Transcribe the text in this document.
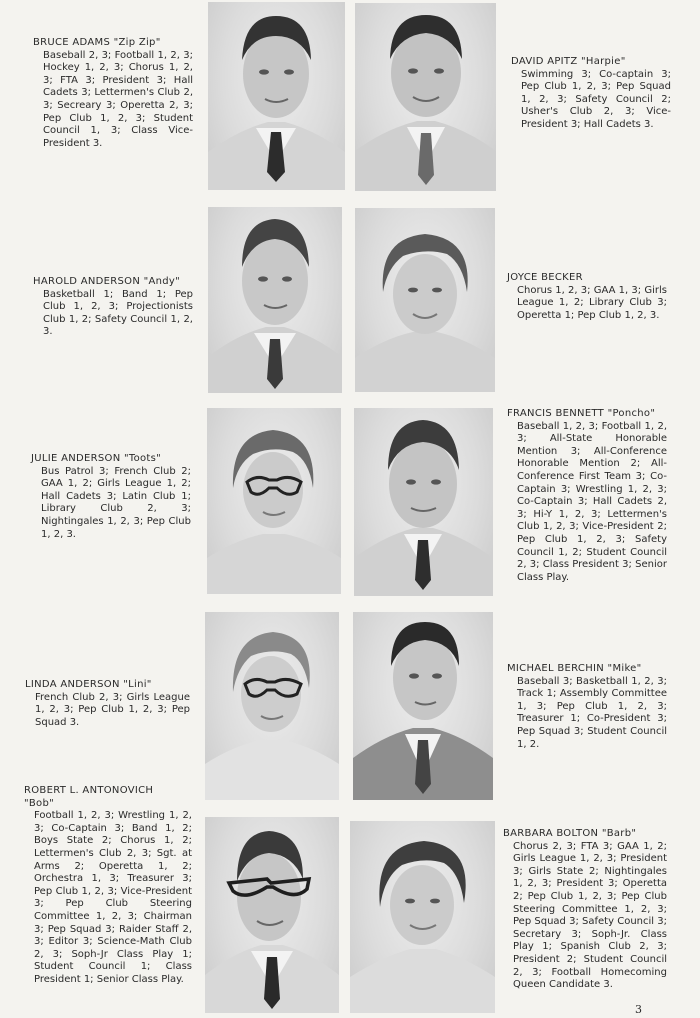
BRUCE ADAMS "Zip Zip"
Baseball 2, 3; Football 1, 2, 3; Hockey 1, 2, 3; Chorus 1, 2, 3; FTA 3; President 3; Hall Cadets 3; Lettermen's Club 2, 3; Secreary 3; Operetta 2, 3; Pep Club 1, 2, 3; Student Council 1, 3; Class Vice-President 3.
DAVID APITZ "Harpie"
Swimming 3; Co-captain 3; Pep Club 1, 2, 3; Pep Squad 1, 2, 3; Safety Council 2; Usher's Club 2, 3; Vice-President 3; Hall Cadets 3.
HAROLD ANDERSON "Andy"
Basketball 1; Band 1; Pep Club 1, 2, 3; Projectionists Club 1, 2; Safety Council 1, 2, 3.
JOYCE BECKER
Chorus 1, 2, 3; GAA 1, 3; Girls League 1, 2; Library Club 3; Operetta 1; Pep Club 1, 2, 3.
JULIE ANDERSON "Toots"
Bus Patrol 3; French Club 2; GAA 1, 2; Girls League 1, 2; Hall Cadets 3; Latin Club 1; Library Club 2, 3; Nightingales 1, 2, 3; Pep Club 1, 2, 3.
FRANCIS BENNETT "Poncho"
Baseball 1, 2, 3; Football 1, 2, 3; All-State Honorable Mention 3; All-Conference Honorable Mention 2; All-Conference First Team 3; Co-Captain 3; Wrestling 1, 2, 3; Co-Captain 3; Hall Cadets 2, 3; Hi-Y 1, 2, 3; Lettermen's Club 1, 2, 3; Vice-President 2; Pep Club 1, 2, 3; Safety Council 1, 2; Student Council 2, 3; Class President 3; Senior Class Play.
LINDA ANDERSON "Lini"
French Club 2, 3; Girls League 1, 2, 3; Pep Club 1, 2, 3; Pep Squad 3.
MICHAEL BERCHIN "Mike"
Baseball 3; Basketball 1, 2, 3; Track 1; Assembly Committee 1, 3; Pep Club 1, 2, 3; Treasurer 1; Co-President 3; Pep Squad 3; Student Council 1, 2.
ROBERT L. ANTONOVICH
"Bob"
Football 1, 2, 3; Wrestling 1, 2, 3; Co-Captain 3; Band 1, 2; Boys State 2; Chorus 1, 2; Lettermen's Club 2, 3; Sgt. at Arms 2; Operetta 1, 2; Orchestra 1, 3; Treasurer 3; Pep Club 1, 2, 3; Vice-President 3; Pep Club Steering Committee 1, 2, 3; Chairman 3; Pep Squad 3; Raider Staff 2, 3; Editor 3; Science-Math Club 2, 3; Soph-Jr Class Play 1; Student Council 1; Class President 1; Senior Class Play.
BARBARA BOLTON "Barb"
Chorus 2, 3; FTA 3; GAA 1, 2; Girls League 1, 2, 3; President 3; Girls State 2; Nightingales 1, 2, 3; President 3; Operetta 2; Pep Club 1, 2, 3; Pep Club Steering Committee 1, 2, 3; Pep Squad 3; Safety Council 3; Secretary 3; Soph-Jr. Class Play 1; Spanish Club 2, 3; President 2; Student Council 2, 3; Football Homecoming Queen Candidate 3.
3
